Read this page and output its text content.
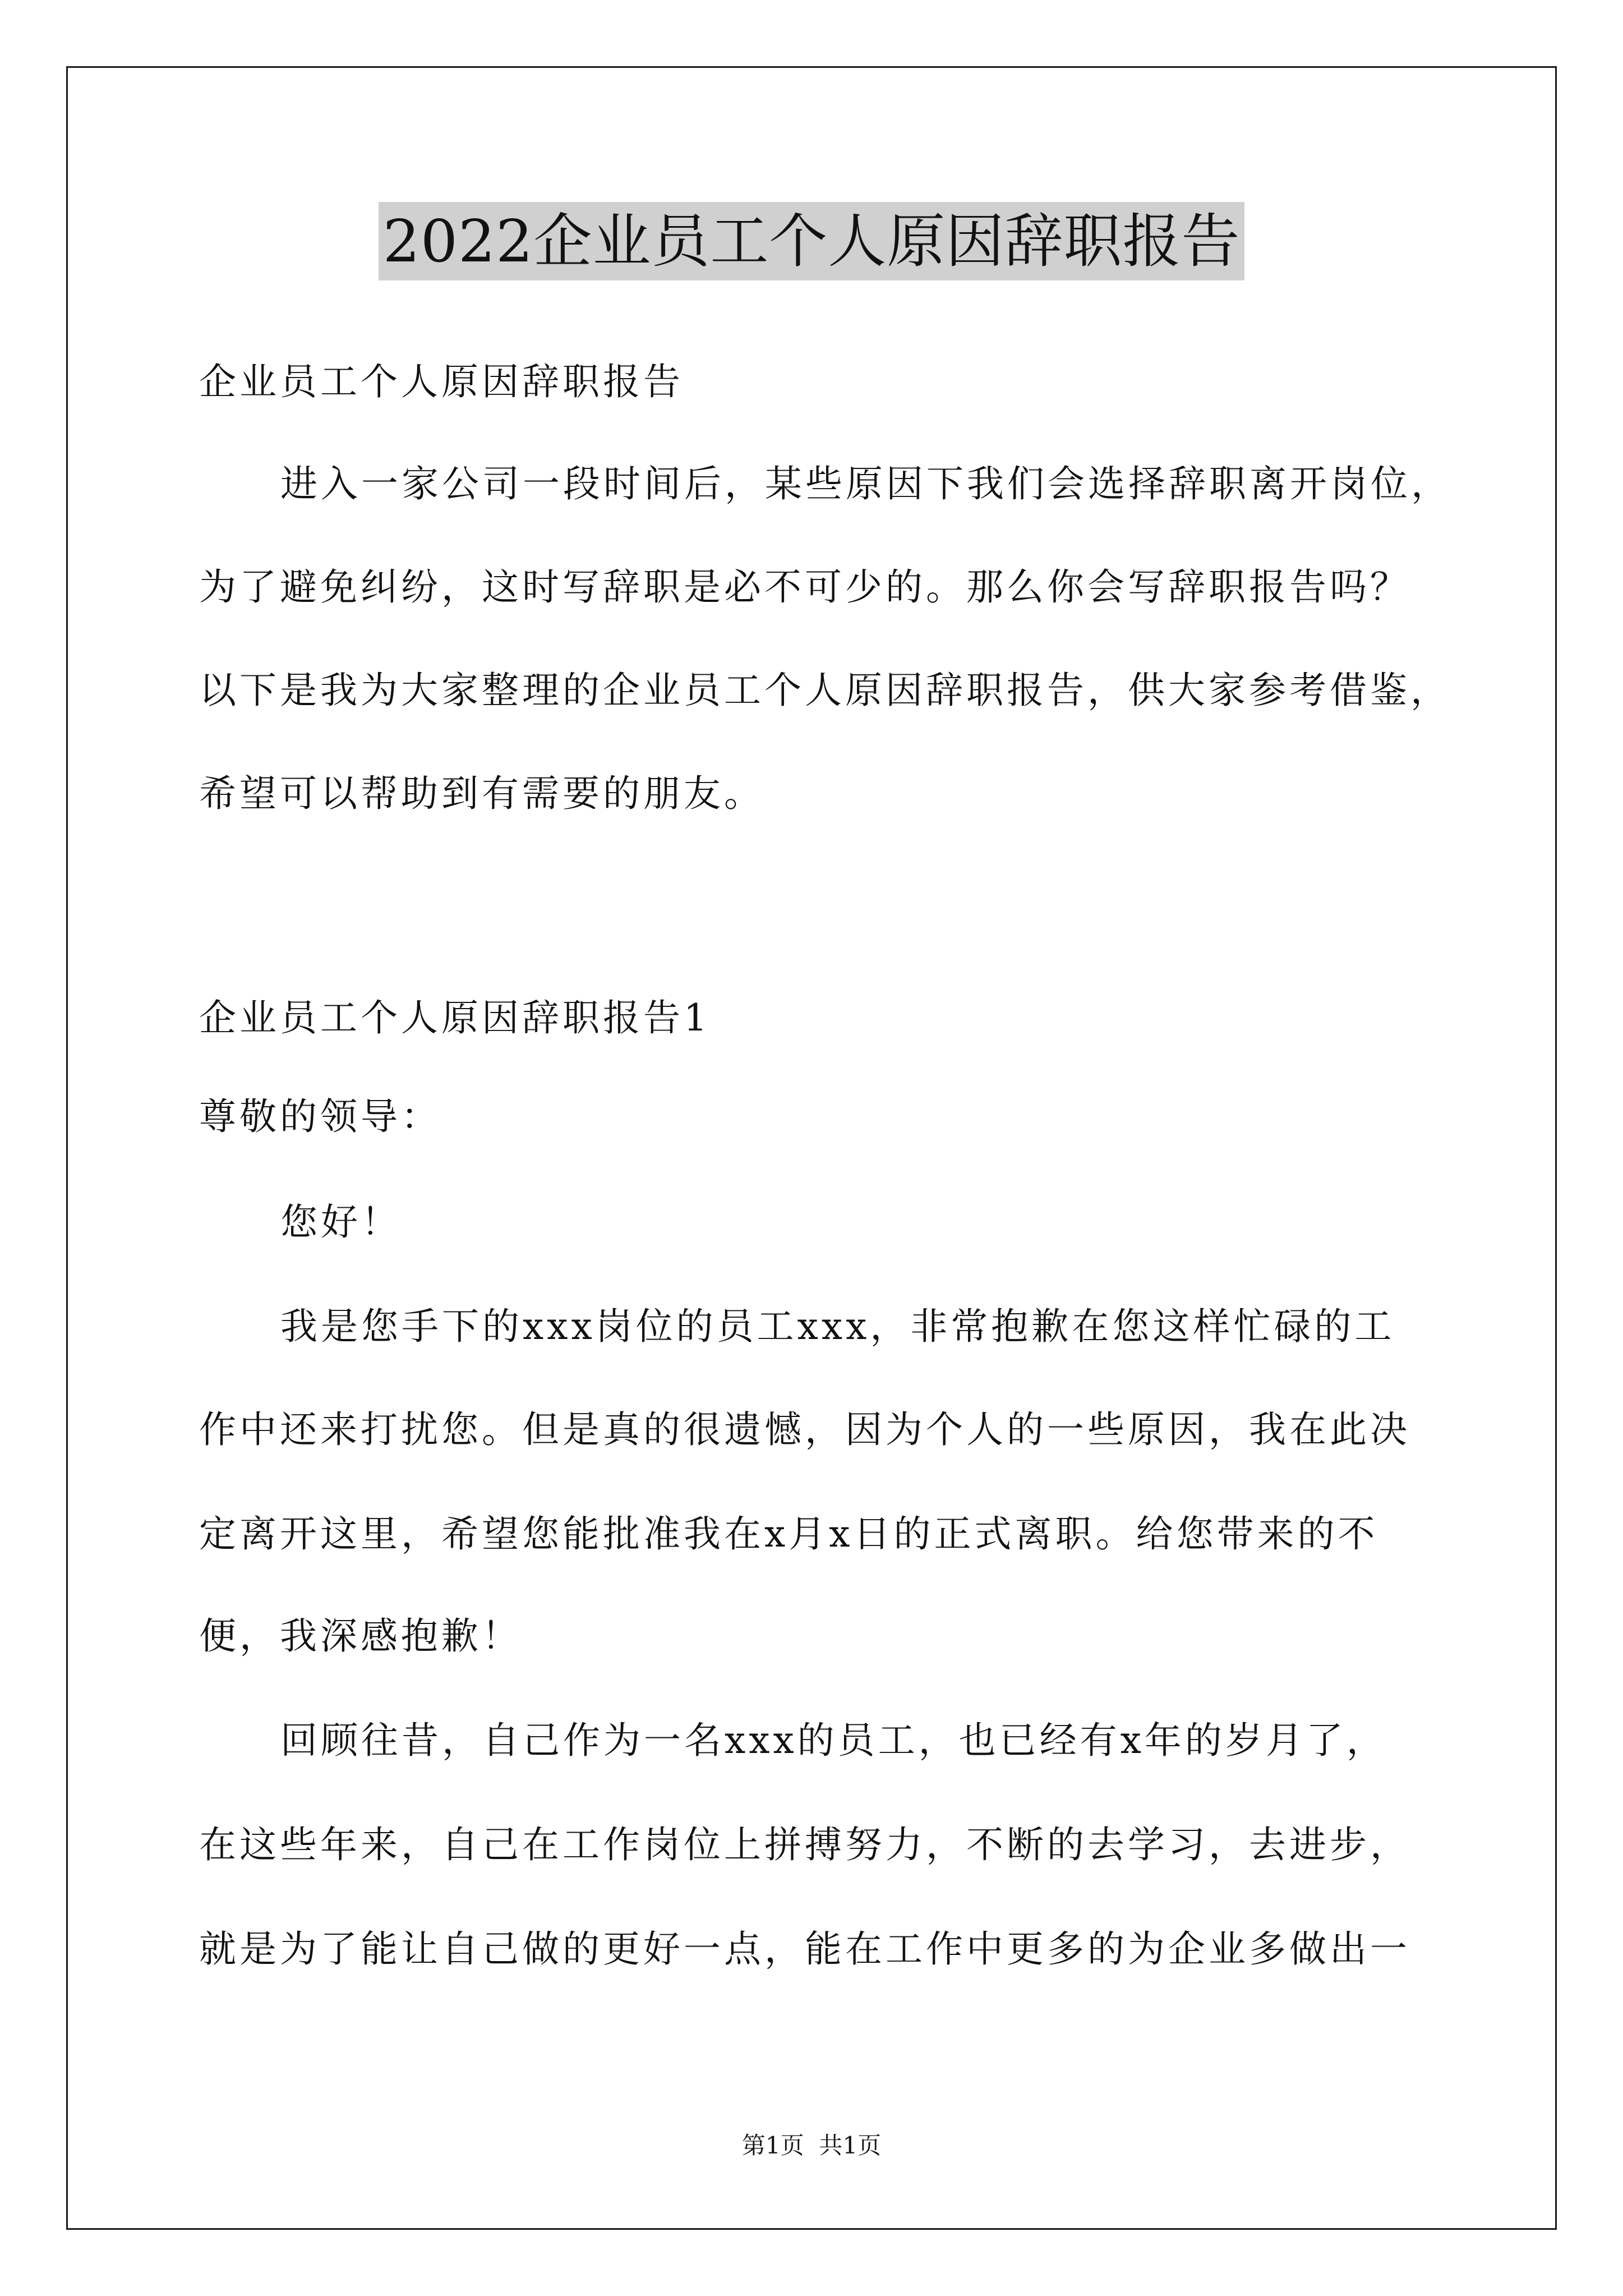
2022企业员工个人原因辞职报告
企业员工个人原因辞职报告
进入一家公司一段时间后，某些原因下我们会选择辞职离开岗位，
为了避免纠纷，这时写辞职是必不可少的。那么你会写辞职报告吗？
以下是我为大家整理的企业员工个人原因辞职报告，供大家参考借鉴，
希望可以帮助到有需要的朋友。
企业员工个人原因辞职报告1
尊敬的领导：
您好！
我是您手下的xxx岗位的员工xxx，非常抱歉在您这样忙碌的工
作中还来打扰您。但是真的很遗憾，因为个人的一些原因，我在此决
定离开这里，希望您能批准我在x月x日的正式离职。给您带来的不
便，我深感抱歉！
回顾往昔，自己作为一名xxx的员工，也已经有x年的岁月了，
在这些年来，自己在工作岗位上拼搏努力，不断的去学习，去进步，
就是为了能让自己做的更好一点，能在工作中更多的为企业多做出一
第1页  共1页
